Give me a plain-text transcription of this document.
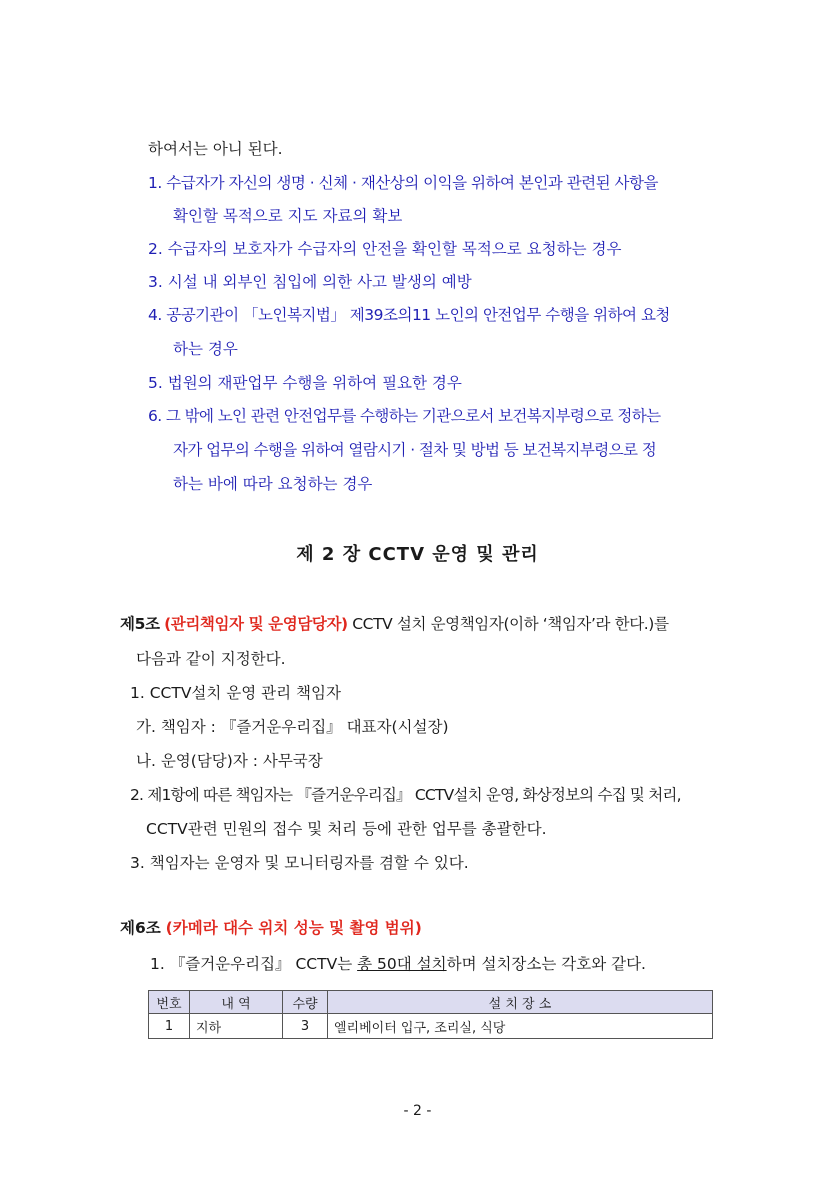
하여서는 아니 된다.
1. 수급자가 자신의 생명 · 신체 · 재산상의 이익을 위하여 본인과 관련된 사항을
확인할 목적으로 지도 자료의 확보
2. 수급자의 보호자가 수급자의 안전을 확인할 목적으로 요청하는 경우
3. 시설 내 외부인 침입에 의한 사고 발생의 예방
4. 공공기관이 「노인복지법」 제39조의11 노인의 안전업무 수행을 위하여 요청
하는 경우
5. 법원의 재판업무 수행을 위하여 필요한 경우
6. 그 밖에 노인 관련 안전업무를 수행하는 기관으로서 보건복지부령으로 정하는
자가 업무의 수행을 위하여 열람시기 · 절차 및 방법 등 보건복지부령으로 정
하는 바에 따라 요청하는 경우
제 2 장 CCTV 운영 및 관리
제5조 (관리책임자 및 운영담당자) CCTV 설치 운영책임자(이하 ‘책임자’라 한다.)를
다음과 같이 지정한다.
1. CCTV설치 운영 관리 책임자
가. 책임자 : 『즐거운우리집』 대표자(시설장)
나. 운영(담당)자 : 사무국장
2. 제1항에 따른 책임자는 『즐거운우리집』 CCTV설치 운영, 화상정보의 수집 및 처리,
CCTV관련 민원의 접수 및 처리 등에 관한 업무를 총괄한다.
3. 책임자는 운영자 및 모니터링자를 겸할 수 있다.
제6조 (카메라 대수 위치 성능 및 촬영 범위)
1. 『즐거운우리집』 CCTV는 총 50대 설치하며 설치장소는 각호와 같다.
번호	내 역	수량	설 치 장 소
1	지하	3	엘리베이터 입구, 조리실, 식당
- 2 -
